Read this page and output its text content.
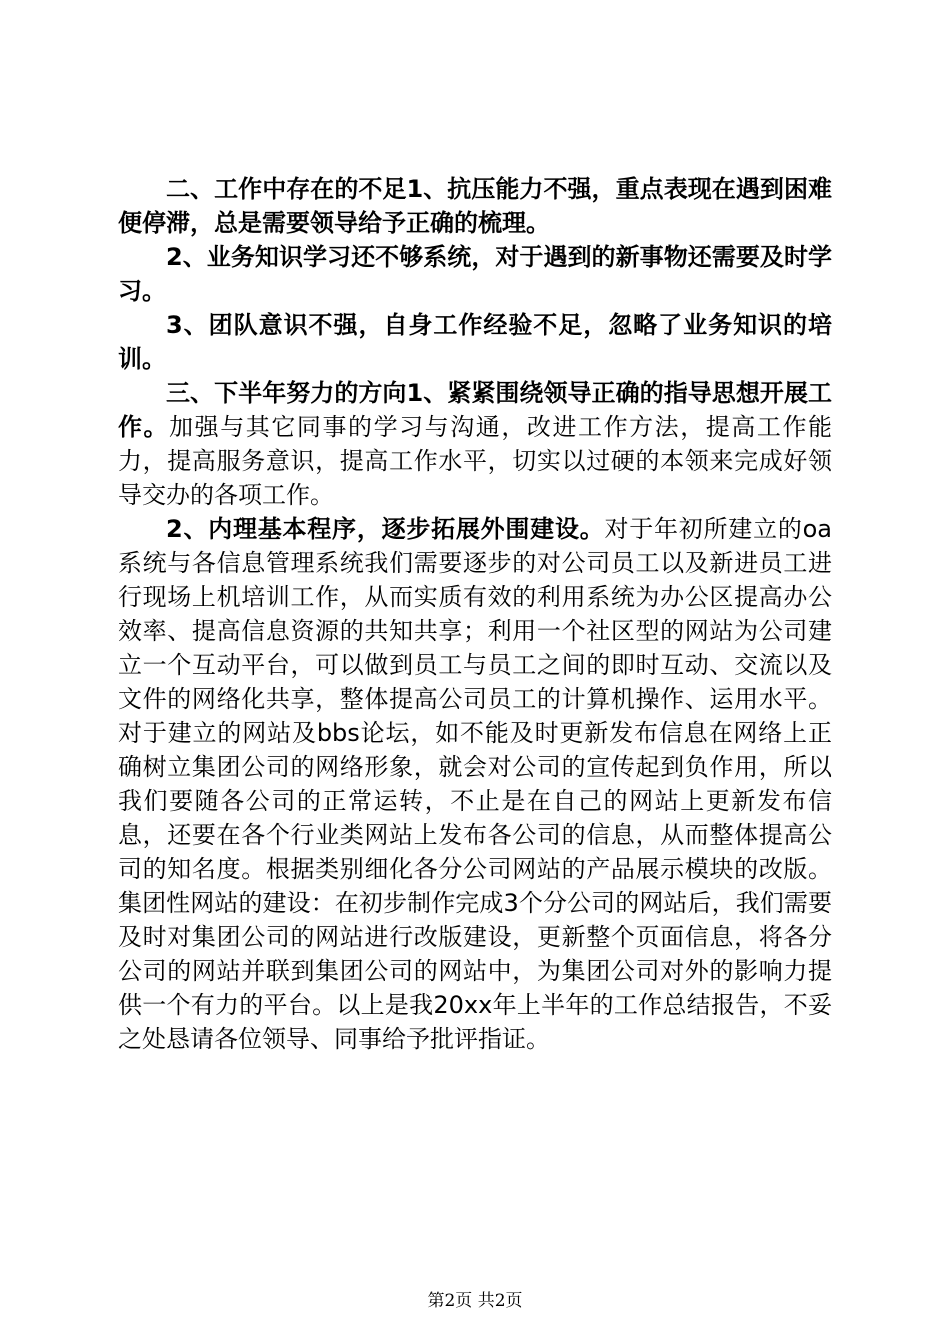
二、工作中存在的不足1、抗压能力不强，重点表现在遇到困难便停滞，总是需要领导给予正确的梳理。

2、业务知识学习还不够系统，对于遇到的新事物还需要及时学习。

3、团队意识不强，自身工作经验不足，忽略了业务知识的培训。

三、下半年努力的方向1、紧紧围绕领导正确的指导思想开展工作。加强与其它同事的学习与沟通，改进工作方法，提高工作能力，提高服务意识，提高工作水平，切实以过硬的本领来完成好领导交办的各项工作。

2、内理基本程序，逐步拓展外围建设。对于年初所建立的oa系统与各信息管理系统我们需要逐步的对公司员工以及新进员工进行现场上机培训工作，从而实质有效的利用系统为办公区提高办公效率、提高信息资源的共知共享；利用一个社区型的网站为公司建立一个互动平台，可以做到员工与员工之间的即时互动、交流以及文件的网络化共享，整体提高公司员工的计算机操作、运用水平。对于建立的网站及bbs论坛，如不能及时更新发布信息在网络上正确树立集团公司的网络形象，就会对公司的宣传起到负作用，所以我们要随各公司的正常运转，不止是在自己的网站上更新发布信息，还要在各个行业类网站上发布各公司的信息，从而整体提高公司的知名度。根据类别细化各分公司网站的产品展示模块的改版。集团性网站的建设：在初步制作完成3个分公司的网站后，我们需要及时对集团公司的网站进行改版建设，更新整个页面信息，将各分公司的网站并联到集团公司的网站中，为集团公司对外的影响力提供一个有力的平台。以上是我20xx年上半年的工作总结报告，不妥之处恳请各位领导、同事给予批评指证。

第2页 共2页
